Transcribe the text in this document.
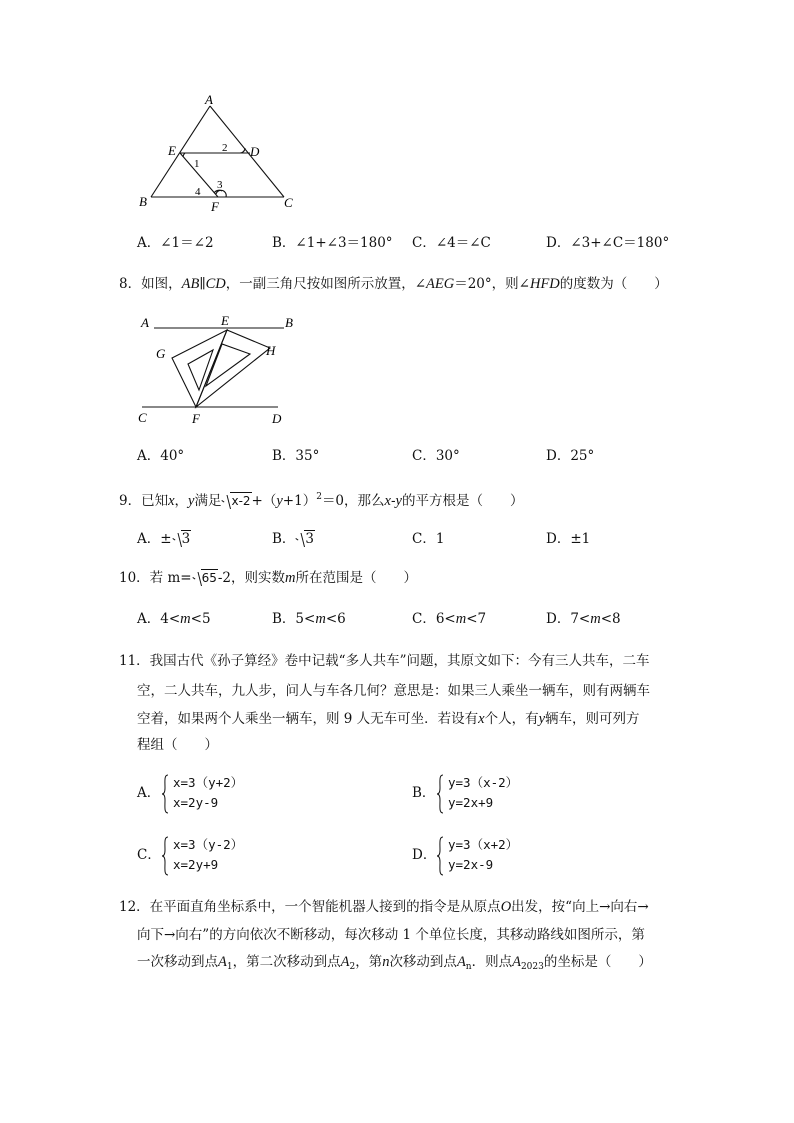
A
E	D
2
1
B	C
F
4
3
A．∠1＝∠2	B．∠1+∠3＝180° C．∠4＝∠C	D．∠3+∠C＝180°
8．如图，AB∥CD，一副三角尺按如图所示放置，∠AEG＝20°，则∠HFD的度数为（　　）
A	E	B
G	H
C	F	D
A．40°	B．35°	C．30°	D．25°
9．已知x，y满足 $x-2+(y+1)^2=0$，那么x-y的平方根是（　　）
A．± 3	B． 3	C．1	D．±1
10．若 m= 65-2，则实数m所在范围是（　　）
A．4<m<5	B．5<m<6	C．6<m<7	D．7<m<8
11．我国古代《孙子算经》卷中记载“多人共车”问题，其原文如下：今有三人共车，二车
空，二人共车，九人步，问人与车各几何？意思是：如果三人乘坐一辆车，则有两辆车
空着，如果两个人乘坐一辆车，则 9 人无车可坐．若设有x个人，有y辆车，则可列方
程组（　　）
A．
x=3（y+2）
x=2y-9
B．
y=3（x-2）
y=2x+9
C．
x=3（y-2）
x=2y+9
D．
y=3（x+2）
y=2x-9
12．在平面直角坐标系中，一个智能机器人接到的指令是从原点O出发，按“向上→向右→
向下→向右”的方向依次不断移动，每次移动 1 个单位长度，其移动路线如图所示，第
一次移动到点$A_1$，第二次移动到点$A_2$，第n次移动到点$A_n$．则点$A_{2023}$的坐标是（　　）
